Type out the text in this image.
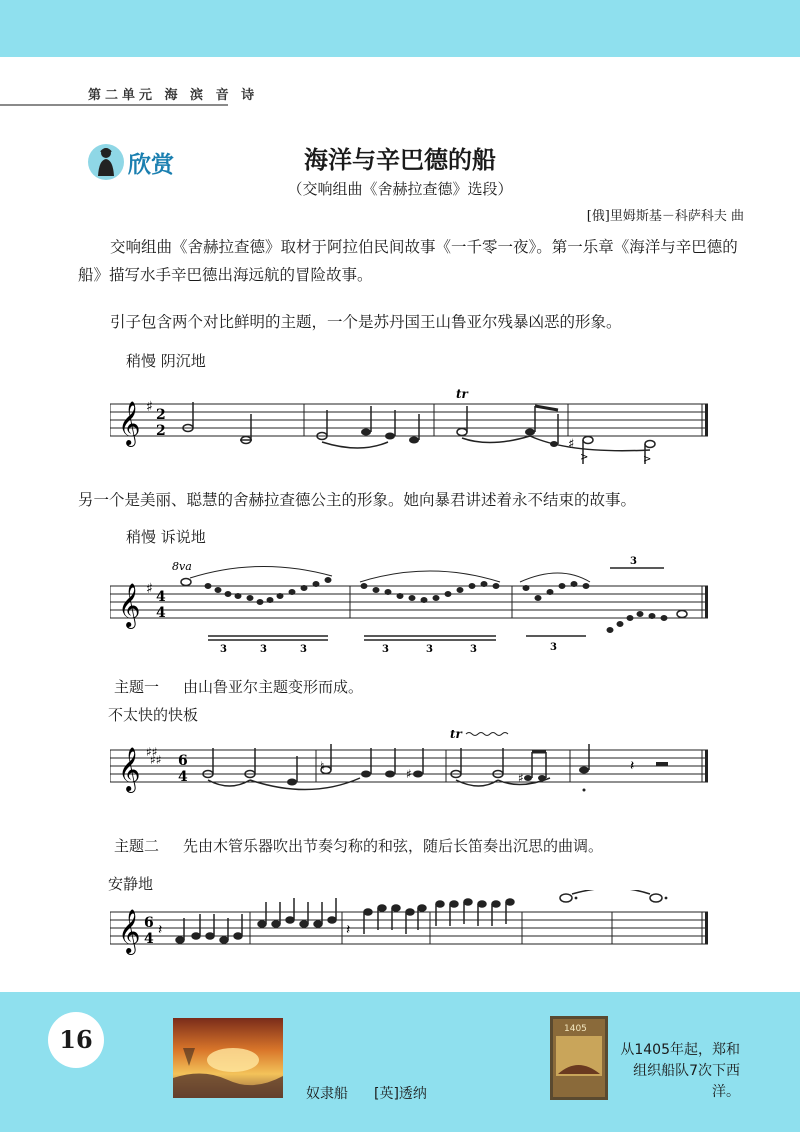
第二单元 海 滨 音 诗
欣赏	海洋与辛巴德的船
（交响组曲《舍赫拉查德》选段）
[俄]里姆斯基－科萨科夫 曲
交响组曲《舍赫拉查德》取材于阿拉伯民间故事《一千零一夜》。第一乐章《海洋与辛巴德的船》描写水手辛巴德出海远航的冒险故事。
引子包含两个对比鲜明的主题，一个是苏丹国王山鲁亚尔残暴凶恶的形象。
稍慢 阴沉地
𝄞 ♯ 2
2
tr
♯
>	>
另一个是美丽、聪慧的舍赫拉查德公主的形象。她向暴君讲述着永不结束的故事。
稍慢 诉说地
𝄞 ♯ 4
4
8va
3	3	3	3	3	3	3
3
主题一 由山鲁亚尔主题变形而成。
不太快的快板
𝄞 ♯♯
♯♯ 6
4
♮
♯	♯
𝄽
tr
主题二 先由木管乐器吹出节奏匀称的和弦，随后长笛奏出沉思的曲调。
安静地
𝄞 6
4
𝄽	𝄽
16
奴隶船 [英]透纳
1405
从1405年起，郑和组织船队7次下西洋。
